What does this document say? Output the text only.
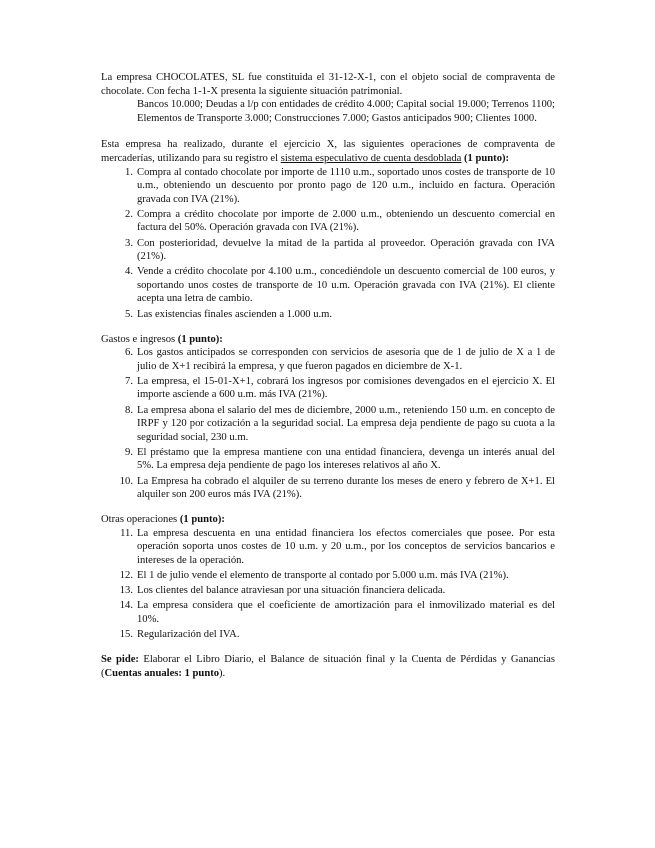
La empresa CHOCOLATES, SL fue constituida el 31-12-X-1, con el objeto social de compraventa de chocolate. Con fecha 1-1-X presenta la siguiente situación patrimonial.

Bancos 10.000; Deudas a l/p con entidades de crédito 4.000; Capital social 19.000; Terrenos 1100; Elementos de Transporte 3.000; Construcciones 7.000; Gastos anticipados 900; Clientes 1000.

Esta empresa ha realizado, durante el ejercicio X, las siguientes operaciones de compraventa de mercaderías, utilizando para su registro el sistema especulativo de cuenta desdoblada (1 punto):

1. Compra al contado chocolate por importe de 1110 u.m., soportado unos costes de transporte de 10 u.m., obteniendo un descuento por pronto pago de 120 u.m., incluido en factura. Operación gravada con IVA (21%).
2. Compra a crédito chocolate por importe de 2.000 u.m., obteniendo un descuento comercial en factura del 50%. Operación gravada con IVA (21%).
3. Con posterioridad, devuelve la mitad de la partida al proveedor. Operación gravada con IVA (21%).
4. Vende a crédito chocolate por 4.100 u.m., concediéndole un descuento comercial de 100 euros, y soportando unos costes de transporte de 10 u.m. Operación gravada con IVA (21%). El cliente acepta una letra de cambio.
5. Las existencias finales ascienden a 1.000 u.m.

Gastos e ingresos (1 punto):

6. Los gastos anticipados se corresponden con servicios de asesoría que de 1 de julio de X a 1 de julio de X+1 recibirá la empresa, y que fueron pagados en diciembre de X-1.
7. La empresa, el 15-01-X+1, cobrará los ingresos por comisiones devengados en el ejercicio X. El importe asciende a 600 u.m. más IVA (21%).
8. La empresa abona el salario del mes de diciembre, 2000 u.m., reteniendo 150 u.m. en concepto de IRPF y 120 por cotización a la seguridad social. La empresa deja pendiente de pago su cuota a la seguridad social, 230 u.m.
9. El préstamo que la empresa mantiene con una entidad financiera, devenga un interés anual del 5%. La empresa deja pendiente de pago los intereses relativos al año X.
10. La Empresa ha cobrado el alquiler de su terreno durante los meses de enero y febrero de X+1. El alquiler son 200 euros más IVA (21%).

Otras operaciones (1 punto):

11. La empresa descuenta en una entidad financiera los efectos comerciales que posee. Por esta operación soporta unos costes de 10 u.m. y 20 u.m., por los conceptos de servicios bancarios e intereses de la operación.
12. El 1 de julio vende el elemento de transporte al contado por 5.000 u.m. más IVA (21%).
13. Los clientes del balance atraviesan por una situación financiera delicada.
14. La empresa considera que el coeficiente de amortización para el inmovilizado material es del 10%.
15. Regularización del IVA.

Se pide: Elaborar el Libro Diario, el Balance de situación final y la Cuenta de Pérdidas y Ganancias (Cuentas anuales: 1 punto).
